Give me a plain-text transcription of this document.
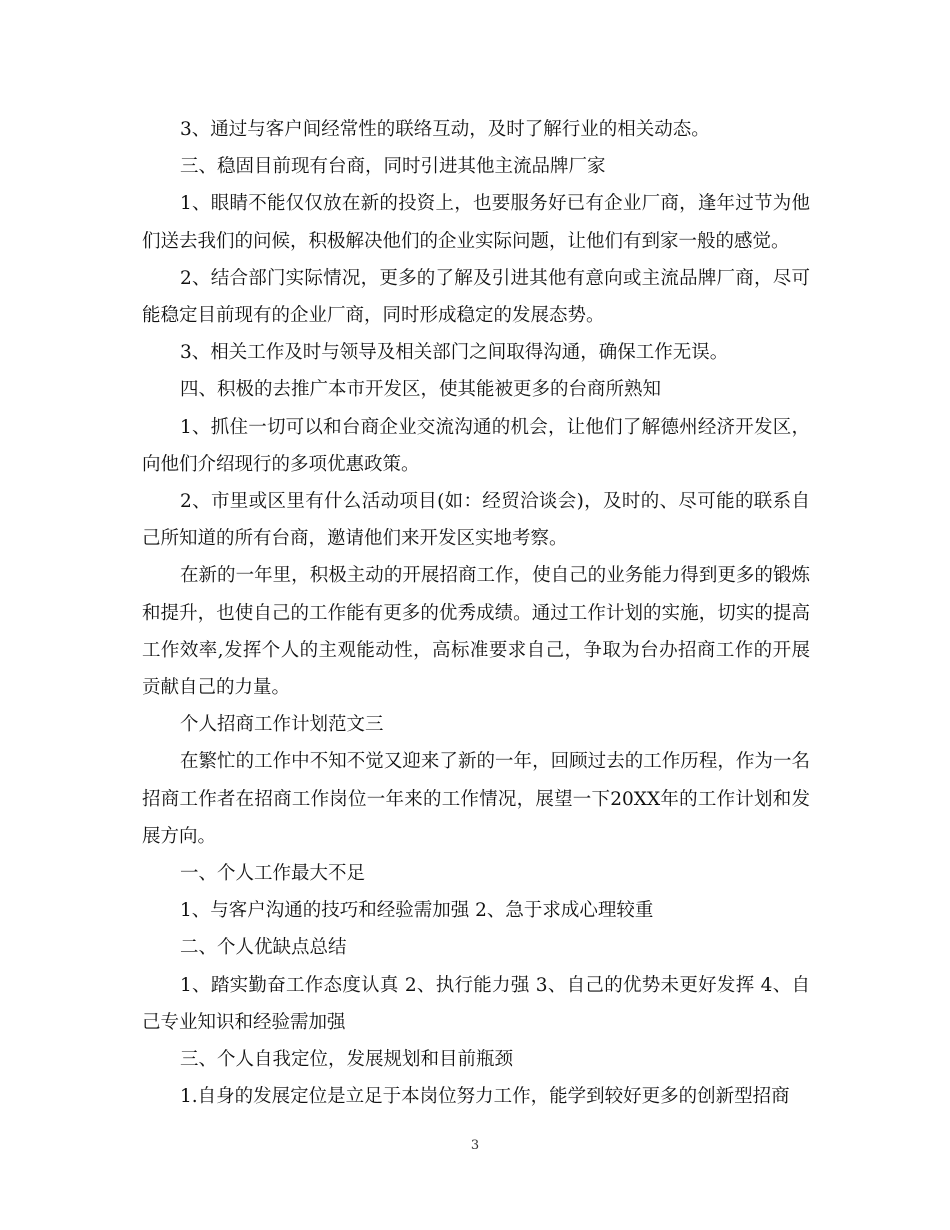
3、通过与客户间经常性的联络互动，及时了解行业的相关动态。

三、稳固目前现有台商，同时引进其他主流品牌厂家

1、眼睛不能仅仅放在新的投资上，也要服务好已有企业厂商，逢年过节为他们送去我们的问候，积极解决他们的企业实际问题，让他们有到家一般的感觉。

2、结合部门实际情况，更多的了解及引进其他有意向或主流品牌厂商，尽可能稳定目前现有的企业厂商，同时形成稳定的发展态势。

3、相关工作及时与领导及相关部门之间取得沟通，确保工作无误。

四、积极的去推广本市开发区，使其能被更多的台商所熟知

1、抓住一切可以和台商企业交流沟通的机会，让他们了解德州经济开发区，向他们介绍现行的多项优惠政策。

2、市里或区里有什么活动项目(如：经贸洽谈会)，及时的、尽可能的联系自己所知道的所有台商，邀请他们来开发区实地考察。

在新的一年里，积极主动的开展招商工作，使自己的业务能力得到更多的锻炼和提升，也使自己的工作能有更多的优秀成绩。通过工作计划的实施，切实的提高工作效率,发挥个人的主观能动性，高标准要求自己，争取为台办招商工作的开展贡献自己的力量。

个人招商工作计划范文三

在繁忙的工作中不知不觉又迎来了新的一年，回顾过去的工作历程，作为一名招商工作者在招商工作岗位一年来的工作情况，展望一下20XX年的工作计划和发展方向。

一、个人工作最大不足

1、与客户沟通的技巧和经验需加强 2、急于求成心理较重

二、个人优缺点总结

1、踏实勤奋工作态度认真 2、执行能力强 3、自己的优势未更好发挥 4、自己专业知识和经验需加强

三、个人自我定位，发展规划和目前瓶颈

1.自身的发展定位是立足于本岗位努力工作，能学到较好更多的创新型招商

3
